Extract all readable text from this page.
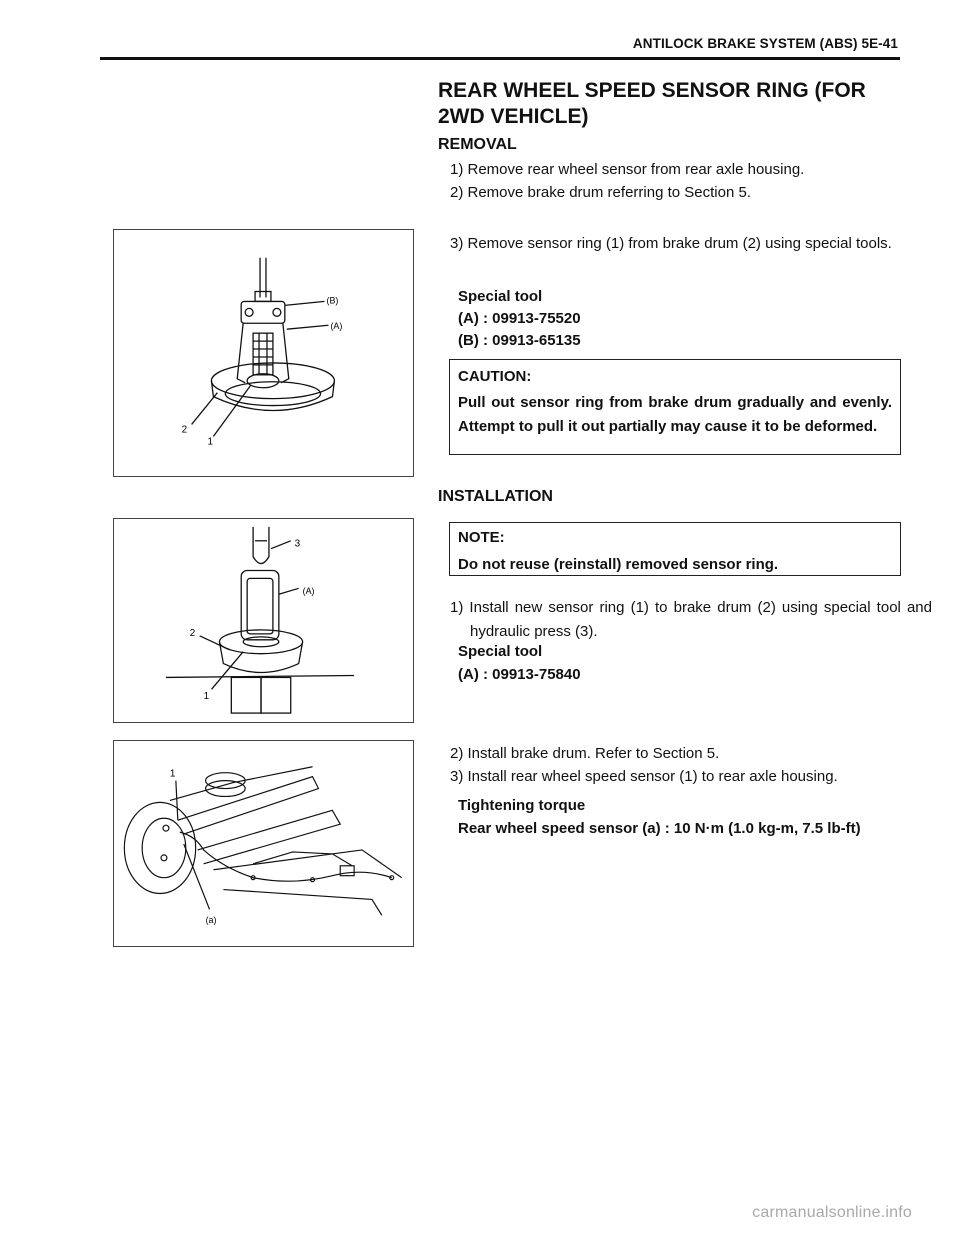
ANTILOCK BRAKE SYSTEM (ABS) 5E-41
REAR WHEEL SPEED SENSOR RING (FOR 2WD VEHICLE)
REMOVAL
1) Remove rear wheel sensor from rear axle housing.
2) Remove brake drum referring to Section 5.
(B)
(A)
2
1
3) Remove sensor ring (1) from brake drum (2) using special tools.
Special tool
(A) : 09913-75520
(B) : 09913-65135
CAUTION:
Pull out sensor ring from brake drum gradually and evenly. Attempt to pull it out partially may cause it to be deformed.
INSTALLATION
3
(A)
2
1
NOTE:
Do not reuse (reinstall) removed sensor ring.
1) Install new sensor ring (1) to brake drum (2) using special tool and hydraulic press (3).
Special tool
(A) : 09913-75840
1
(a)
2) Install brake drum. Refer to Section 5.
3) Install rear wheel speed sensor (1) to rear axle housing.
Tightening torque
Rear wheel speed sensor (a) : 10 N·m (1.0 kg-m, 7.5 lb-ft)
carmanualsonline.info
